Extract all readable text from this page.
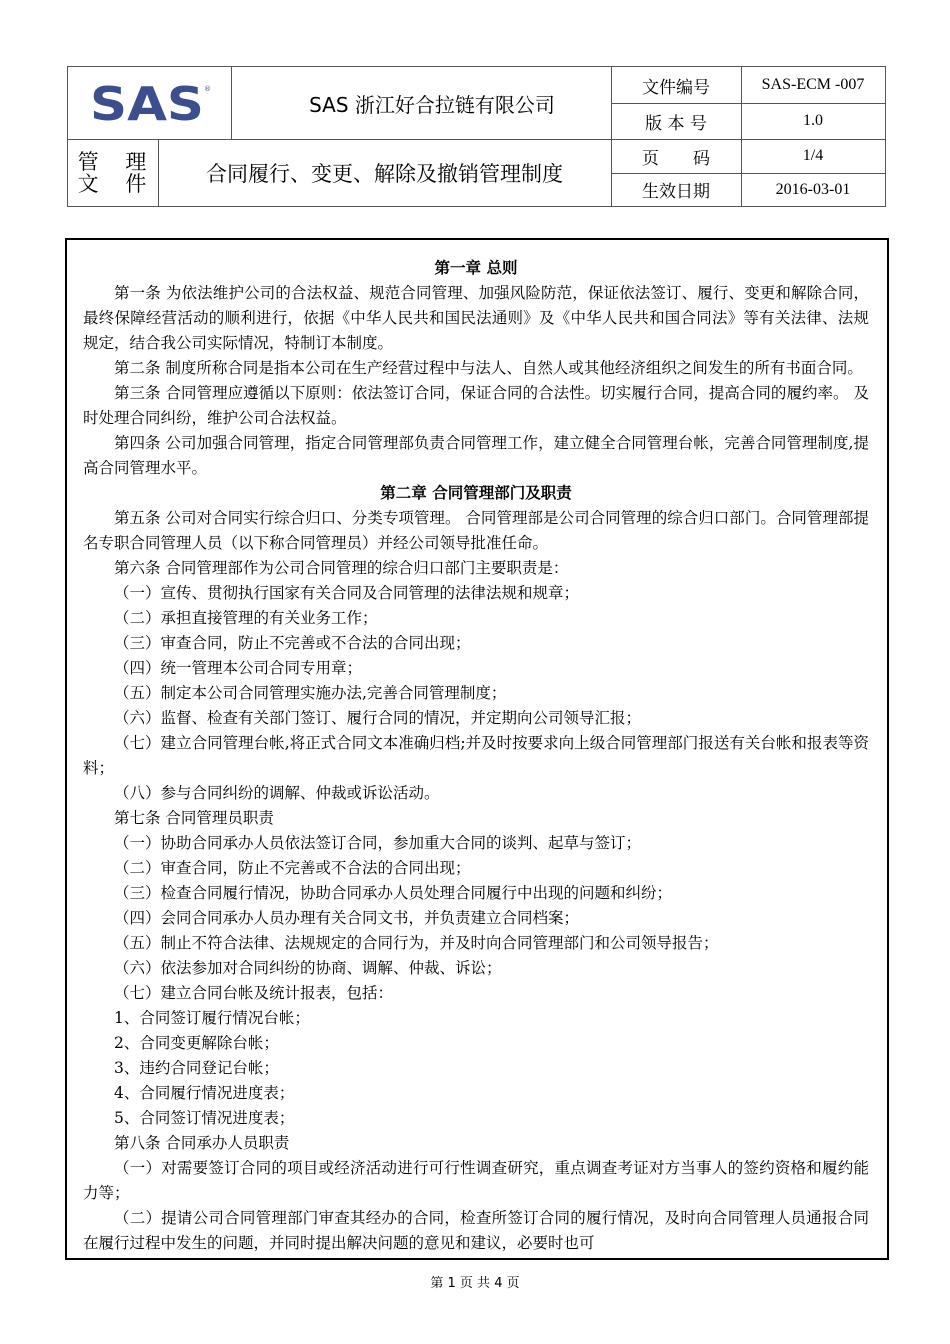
SAS ®
SAS 浙江好合拉链有限公司
管 理
文 件	合同履行、变更、解除及撤销管理制度
文件编号	SAS-ECM -007
版 本 号	1.0
页　　码	1/4
生效日期	2016-03-01

第一章 总则

第一条 为依法维护公司的合法权益、规范合同管理、加强风险防范，保证依法签订、履行、变更和解除合同，最终保障经营活动的顺利进行，依据《中华人民共和国民法通则》及《中华人民共和国合同法》等有关法律、法规规定，结合我公司实际情况，特制订本制度。

第二条 制度所称合同是指本公司在生产经营过程中与法人、自然人或其他经济组织之间发生的所有书面合同。

第三条 合同管理应遵循以下原则：依法签订合同，保证合同的合法性。切实履行合同，提高合同的履约率。 及时处理合同纠纷，维护公司合法权益。

第四条 公司加强合同管理，指定合同管理部负责合同管理工作，建立健全合同管理台帐，完善合同管理制度,提高合同管理水平。

第二章 合同管理部门及职责

第五条 公司对合同实行综合归口、分类专项管理。 合同管理部是公司合同管理的综合归口部门。合同管理部提名专职合同管理人员（以下称合同管理员）并经公司领导批准任命。

第六条 合同管理部作为公司合同管理的综合归口部门主要职责是：

（一）宣传、贯彻执行国家有关合同及合同管理的法律法规和规章；

（二）承担直接管理的有关业务工作；

（三）审查合同，防止不完善或不合法的合同出现；

（四）统一管理本公司合同专用章；

（五）制定本公司合同管理实施办法,完善合同管理制度；

（六）监督、检查有关部门签订、履行合同的情况，并定期向公司领导汇报；

（七）建立合同管理台帐,将正式合同文本准确归档;并及时按要求向上级合同管理部门报送有关台帐和报表等资料；

（八）参与合同纠纷的调解、仲裁或诉讼活动。

第七条 合同管理员职责

（一）协助合同承办人员依法签订合同，参加重大合同的谈判、起草与签订；

（二）审查合同，防止不完善或不合法的合同出现；

（三）检查合同履行情况，协助合同承办人员处理合同履行中出现的问题和纠纷；

（四）会同合同承办人员办理有关合同文书，并负责建立合同档案；

（五）制止不符合法律、法规规定的合同行为，并及时向合同管理部门和公司领导报告；

（六）依法参加对合同纠纷的协商、调解、仲裁、诉讼；

（七）建立合同台帐及统计报表，包括：

1、合同签订履行情况台帐；

2、合同变更解除台帐；

3、违约合同登记台帐；

4、合同履行情况进度表；

5、合同签订情况进度表；

第八条 合同承办人员职责

（一）对需要签订合同的项目或经济活动进行可行性调查研究，重点调查考证对方当事人的签约资格和履约能力等；

（二）提请公司合同管理部门审查其经办的合同，检查所签订合同的履行情况，及时向合同管理人员通报合同在履行过程中发生的问题，并同时提出解决问题的意见和建议，必要时也可

第 1 页 共 4 页
